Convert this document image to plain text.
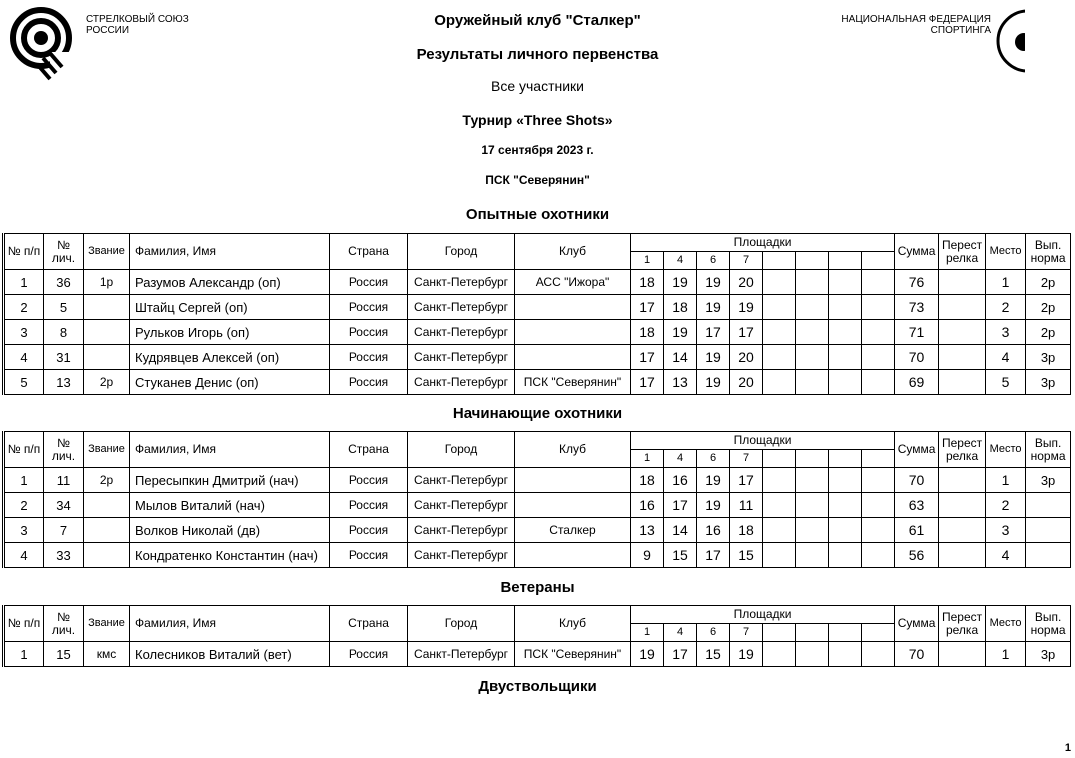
СТРЕЛКОВЫЙ СОЮЗ
РОССИИ
НАЦИОНАЛЬНАЯ ФЕДЕРАЦИЯ
СПОРТИНГА
Оружейный клуб "Сталкер"
Результаты личного первенства
Все участники
Турнир «Three Shots»
17 сентября 2023 г.
ПСК "Северянин"
Опытные охотники
Начинающие охотники
Ветераны
Двуствольщики
№ п/п	№ лич.	Звание	Фамилия, Имя	Страна	Город	Клуб	Площадки								Сумма	Перестрелка	Место	Вып. норма
							1	4	6	7								
1	36	1р	Разумов Александр (оп)	Россия	Санкт-Петербург	АСС "Ижора"	18	19	19	20					76		1	2р
2	5		Штайц Сергей (оп)	Россия	Санкт-Петербург		17	18	19	19					73		2	2р
3	8		Рульков Игорь (оп)	Россия	Санкт-Петербург		18	19	17	17					71		3	2р
4	31		Кудрявцев Алексей (оп)	Россия	Санкт-Петербург		17	14	19	20					70		4	3р
5	13	2р	Стуканев Денис (оп)	Россия	Санкт-Петербург	ПСК "Северянин"	17	13	19	20					69		5	3р
№ п/п	№ лич.	Звание	Фамилия, Имя	Страна	Город	Клуб	Площадки								Сумма	Перестрелка	Место	Вып. норма
							1	4	6	7								
1	11	2р	Пересыпкин Дмитрий (нач)	Россия	Санкт-Петербург		18	16	19	17					70		1	3р
2	34		Мылов Виталий (нач)	Россия	Санкт-Петербург		16	17	19	11					63		2	
3	7		Волков Николай (дв)	Россия	Санкт-Петербург	Сталкер	13	14	16	18					61		3	
4	33		Кондратенко Константин (нач)	Россия	Санкт-Петербург		9	15	17	15					56		4	
№ п/п	№ лич.	Звание	Фамилия, Имя	Страна	Город	Клуб	Площадки								Сумма	Перестрелка	Место	Вып. норма
							1	4	6	7								
1	15	кмс	Колесников Виталий (вет)	Россия	Санкт-Петербург	ПСК "Северянин"	19	17	15	19					70		1	3р
1
